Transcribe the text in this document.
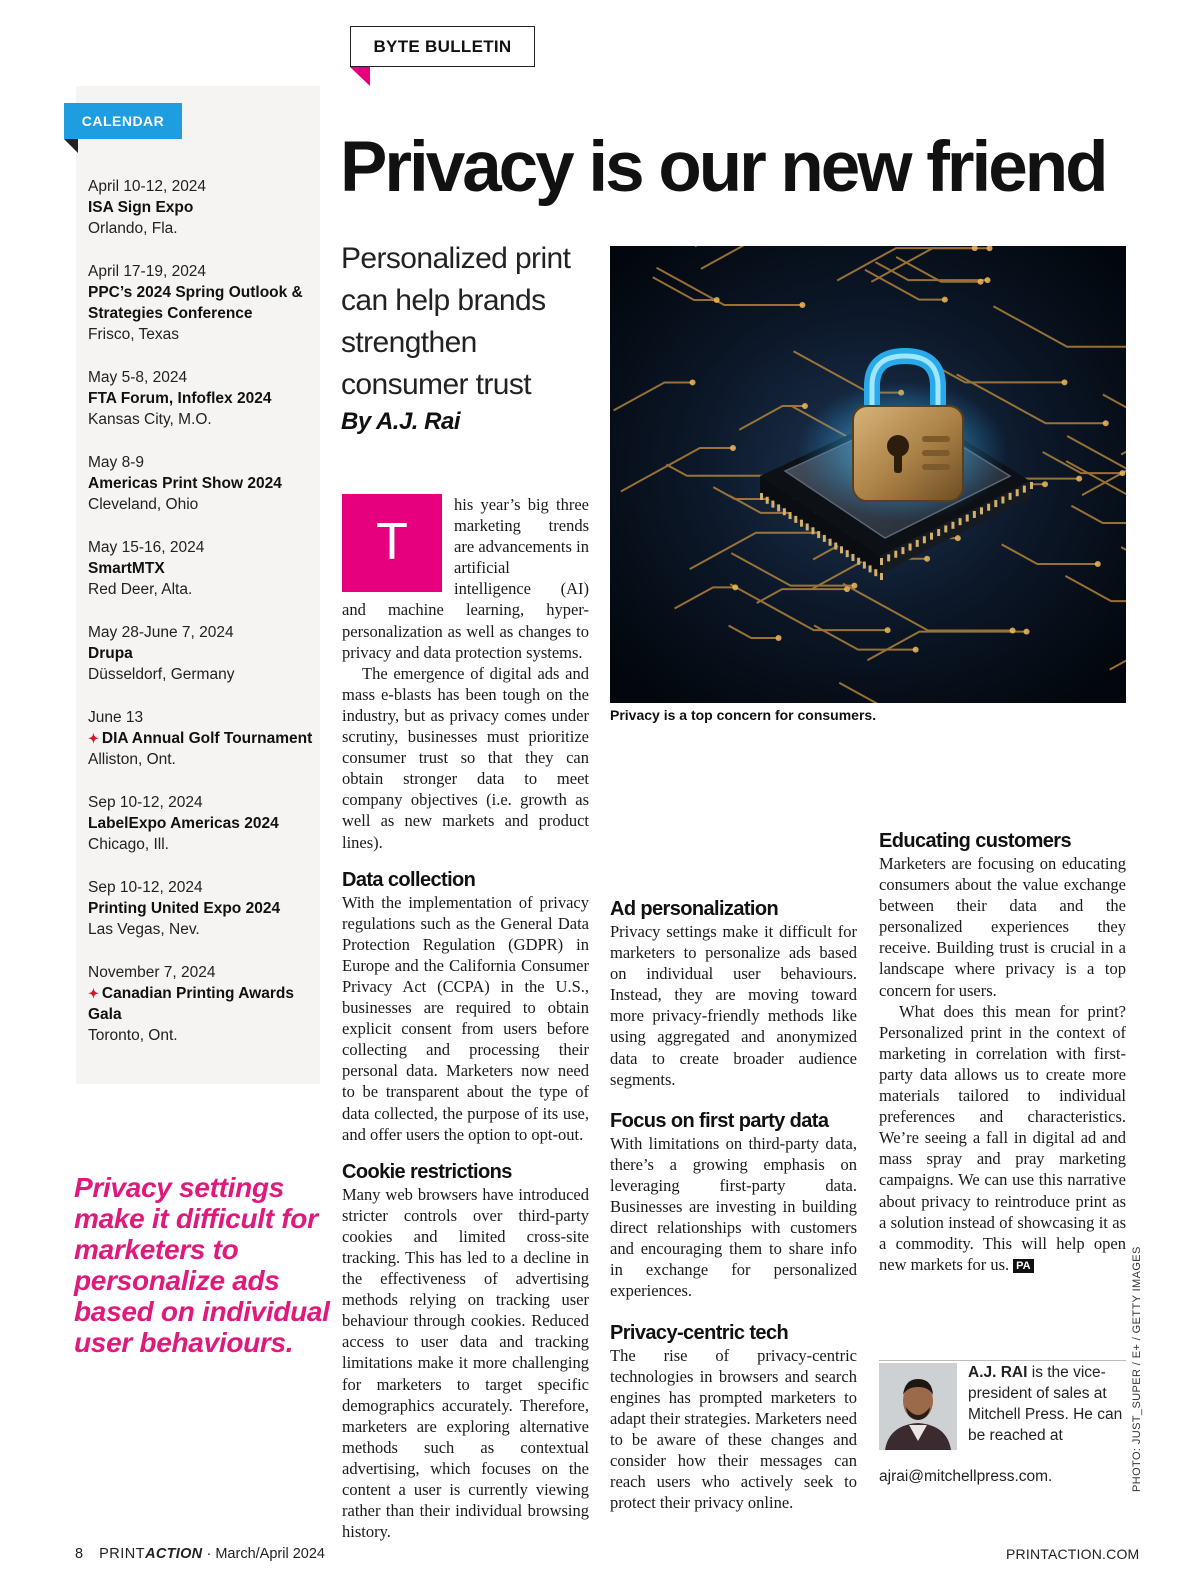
BYTE BULLETIN
CALENDAR
April 10-12, 2024
ISA Sign Expo
Orlando, Fla.
April 17-19, 2024
PPC’s 2024 Spring Outlook & Strategies Conference
Frisco, Texas
May 5-8, 2024
FTA Forum, Infoflex 2024
Kansas City, M.O.
May 8-9
Americas Print Show 2024
Cleveland, Ohio
May 15-16, 2024
SmartMTX
Red Deer, Alta.
May 28-June 7, 2024
Drupa
Düsseldorf, Germany
June 13
✦ DIA Annual Golf Tournament
Alliston, Ont.
Sep 10-12, 2024
LabelExpo Americas 2024
Chicago, Ill.
Sep 10-12, 2024
Printing United Expo 2024
Las Vegas, Nev.
November 7, 2024
✦ Canadian Printing Awards Gala
Toronto, Ont.
Privacy settings make it difficult for marketers to personalize ads based on individual user behaviours.
Privacy is our new friend
Personalized print can help brands strengthen consumer trust
By A.J. Rai
Privacy is a top concern for consumers.
T

his year’s big three marketing trends are advancements in artificial intelligence (AI) and machine learning, hyper-personalization as well as changes to privacy and data protection systems.

The emergence of digital ads and mass e-blasts has been tough on the industry, but as privacy comes under scrutiny, businesses must prioritize consumer trust so that they can obtain stronger data to meet company objectives (i.e. growth as well as new markets and product lines).

Data collection

With the implementation of privacy regulations such as the General Data Protection Regulation (GDPR) in Europe and the California Consumer Privacy Act (CCPA) in the U.S., businesses are required to obtain explicit consent from users before collecting and processing their personal data. Marketers now need to be transparent about the type of data collected, the purpose of its use, and offer users the option to opt-out.

Cookie restrictions

Many web browsers have introduced stricter controls over third-party cookies and limited cross-site tracking. This has led to a decline in the effectiveness of advertising methods relying on tracking user behaviour through cookies. Reduced access to user data and tracking limitations make it more challenging for marketers to target specific demographics accurately. Therefore, marketers are exploring alternative methods such as contextual advertising, which focuses on the content a user is currently viewing rather than their individual browsing history.

Ad personalization

Privacy settings make it difficult for marketers to personalize ads based on individual user behaviours. Instead, they are moving toward more privacy-friendly methods like using aggregated and anonymized data to create broader audience segments.

Focus on first party data

With limitations on third-party data, there’s a growing emphasis on leveraging first-party data. Businesses are investing in building direct relationships with customers and encouraging them to share info in exchange for personalized experiences.

Privacy-centric tech

The rise of privacy-centric technologies in browsers and search engines has prompted marketers to adapt their strategies. Marketers need to be aware of these changes and consider how their messages can reach users who actively seek to protect their privacy online.

Educating customers

Marketers are focusing on educating consumers about the value exchange between their data and the personalized experiences they receive. Building trust is crucial in a landscape where privacy is a top concern for users.

What does this mean for print? Personalized print in the context of marketing in correlation with first-party data allows us to create more materials tailored to individual preferences and characteristics. We’re seeing a fall in digital ad and mass spray and pray marketing campaigns. We can use this narrative about privacy to reintroduce print as a solution instead of showcasing it as a commodity. This will help open new markets for us. PA

A.J. RAI is the vice-president of sales at Mitchell Press. He can be reached at
ajrai@mitchellpress.com.	PHOTO: JUST_SUPER / E+ / GETTY IMAGES
8 PRINTACTION · March/April 2024	PRINTACTION.COM
